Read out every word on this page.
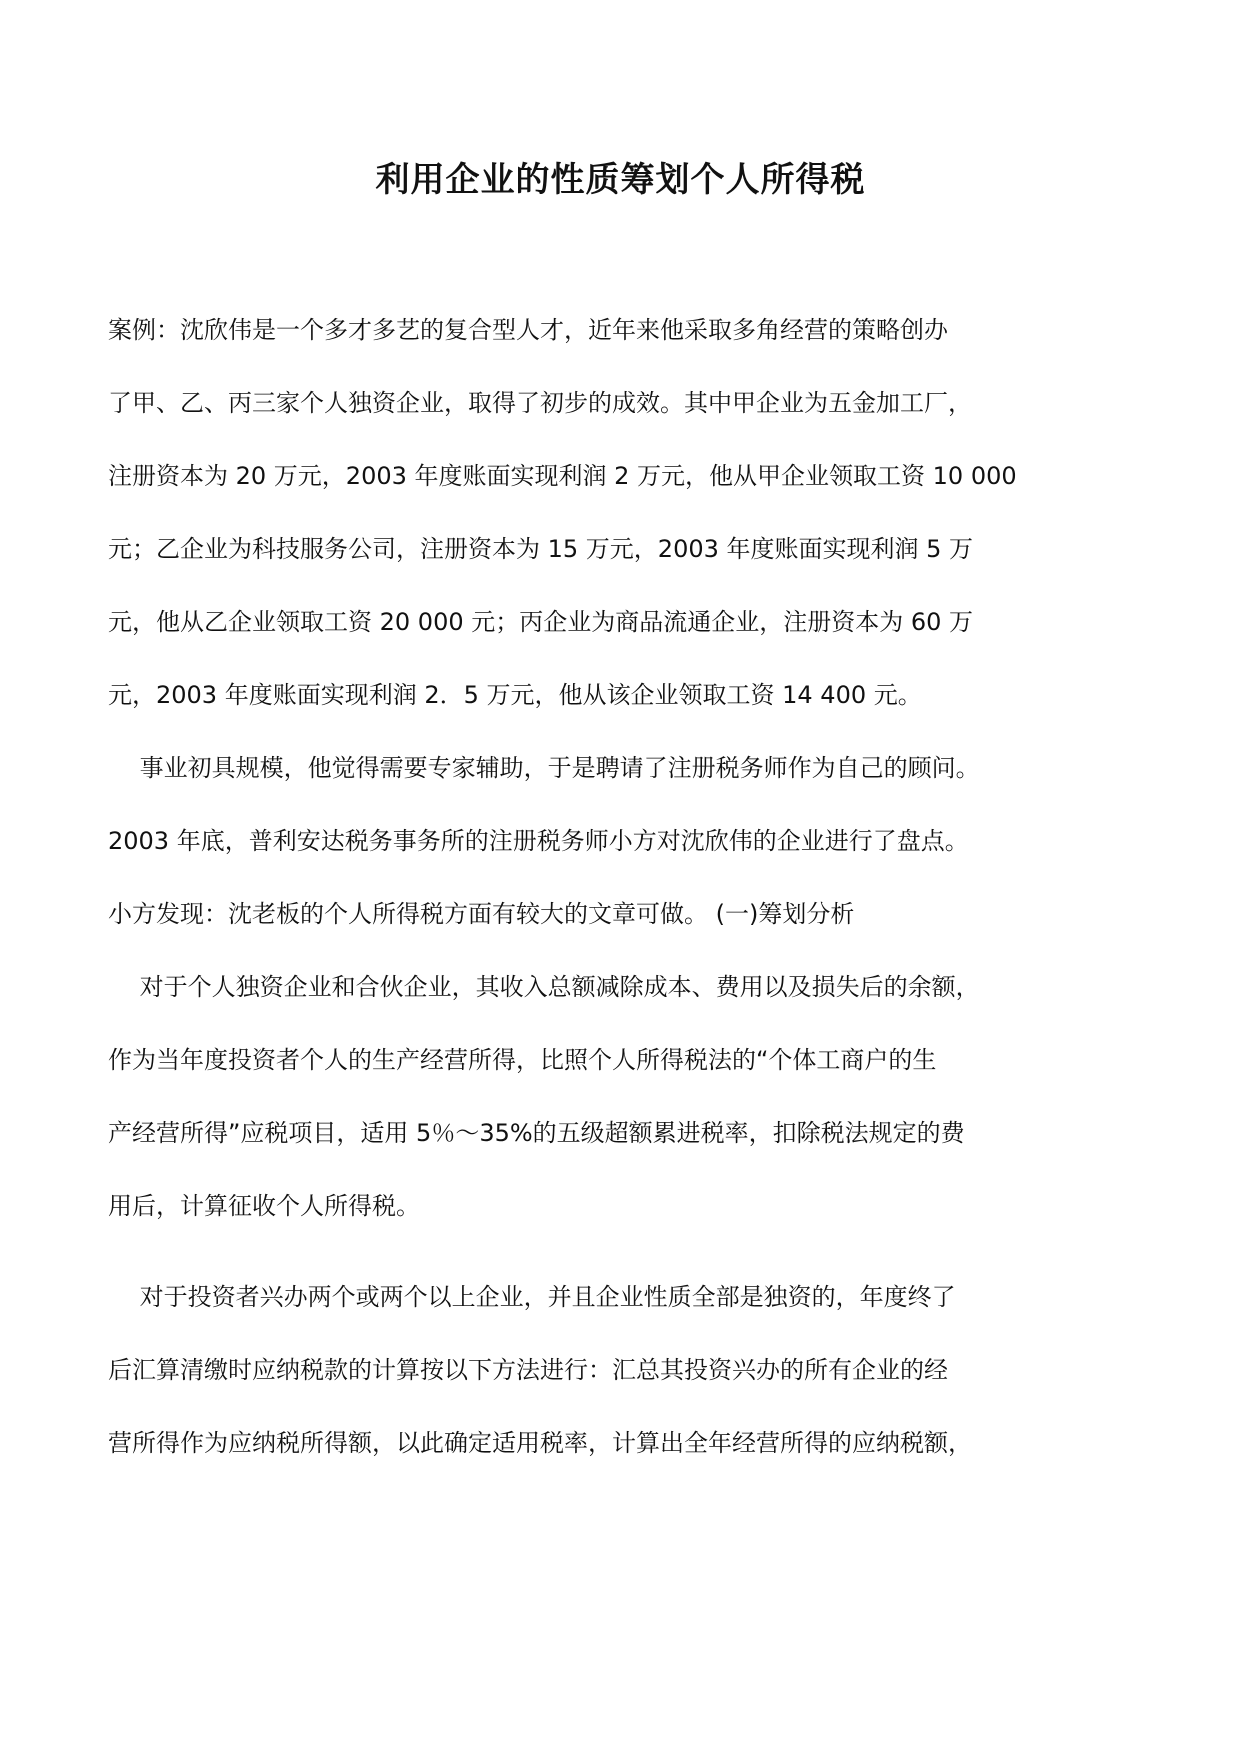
利用企业的性质筹划个人所得税

案例：沈欣伟是一个多才多艺的复合型人才，近年来他采取多角经营的策略创办

了甲、乙、丙三家个人独资企业，取得了初步的成效。其中甲企业为五金加工厂，

注册资本为 20 万元，2003 年度账面实现利润 2 万元，他从甲企业领取工资 10 000

元；乙企业为科技服务公司，注册资本为 15 万元，2003 年度账面实现利润 5 万

元，他从乙企业领取工资 20 000 元；丙企业为商品流通企业，注册资本为 60 万

元，2003 年度账面实现利润 2．5 万元，他从该企业领取工资 14 400 元。

　 事业初具规模，他觉得需要专家辅助，于是聘请了注册税务师作为自己的顾问。

2003 年底，普利安达税务事务所的注册税务师小方对沈欣伟的企业进行了盘点。

小方发现：沈老板的个人所得税方面有较大的文章可做。 (一)筹划分析

　 对于个人独资企业和合伙企业，其收入总额减除成本、费用以及损失后的余额，

作为当年度投资者个人的生产经营所得，比照个人所得税法的“个体工商户的生

产经营所得”应税项目，适用 5％～35%的五级超额累进税率，扣除税法规定的费

用后，计算征收个人所得税。

　 对于投资者兴办两个或两个以上企业，并且企业性质全部是独资的，年度终了

后汇算清缴时应纳税款的计算按以下方法进行：汇总其投资兴办的所有企业的经

营所得作为应纳税所得额，以此确定适用税率，计算出全年经营所得的应纳税额，
